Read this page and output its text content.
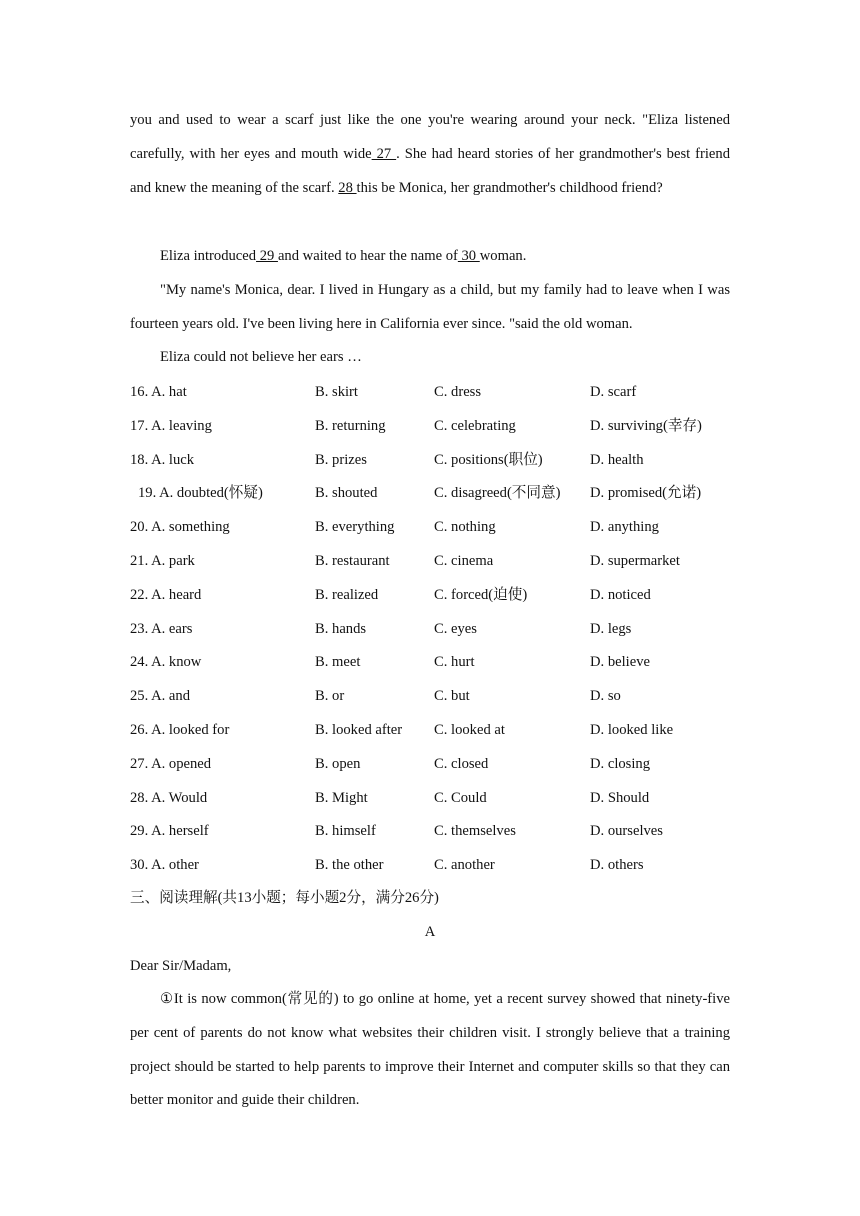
you and used to wear a scarf just like the one you're wearing around your neck. "Eliza listened carefully, with her eyes and mouth wide 27 . She had heard stories of her grandmother's best friend and knew the meaning of the scarf. 28 this be Monica, her grandmother's childhood friend?

Eliza introduced 29 and waited to hear the name of 30 woman.

"My name's Monica, dear. I lived in Hungary as a child, but my family had to leave when I was fourteen years old. I've been living here in California ever since. "said the old woman.

Eliza could not believe her ears …

16. A. hat	B. skirt	C. dress	D. scarf
17. A. leaving	B. returning	C. celebrating	D. surviving(幸存)
18. A. luck	B. prizes	C. positions(职位)	D. health
19. A. doubted(怀疑)	B. shouted	C. disagreed(不同意) D. promised(允诺)
20. A. something	B. everything	C. nothing	D. anything
21. A. park	B. restaurant	C. cinema	D. supermarket
22. A. heard	B. realized	C. forced(迫使)	D. noticed
23. A. ears	B. hands	C. eyes	D. legs
24. A. know	B. meet	C. hurt	D. believe
25. A. and	B. or	C. but	D. so
26. A. looked for	B. looked after C. looked at	D. looked like
27. A. opened	B. open	C. closed	D. closing
28. A. Would	B. Might	C. Could	D. Should
29. A. herself	B. himself	C. themselves	D. ourselves
30. A. other	B. the other	C. another	D. others
三、阅读理解(共13小题；每小题2分，满分26分)
A
Dear Sir/Madam,

①It is now common(常见的) to go online at home, yet a recent survey showed that ninety-five per cent of parents do not know what websites their children visit. I strongly believe that a training project should be started to help parents to improve their Internet and computer skills so that they can better monitor and guide their children.
